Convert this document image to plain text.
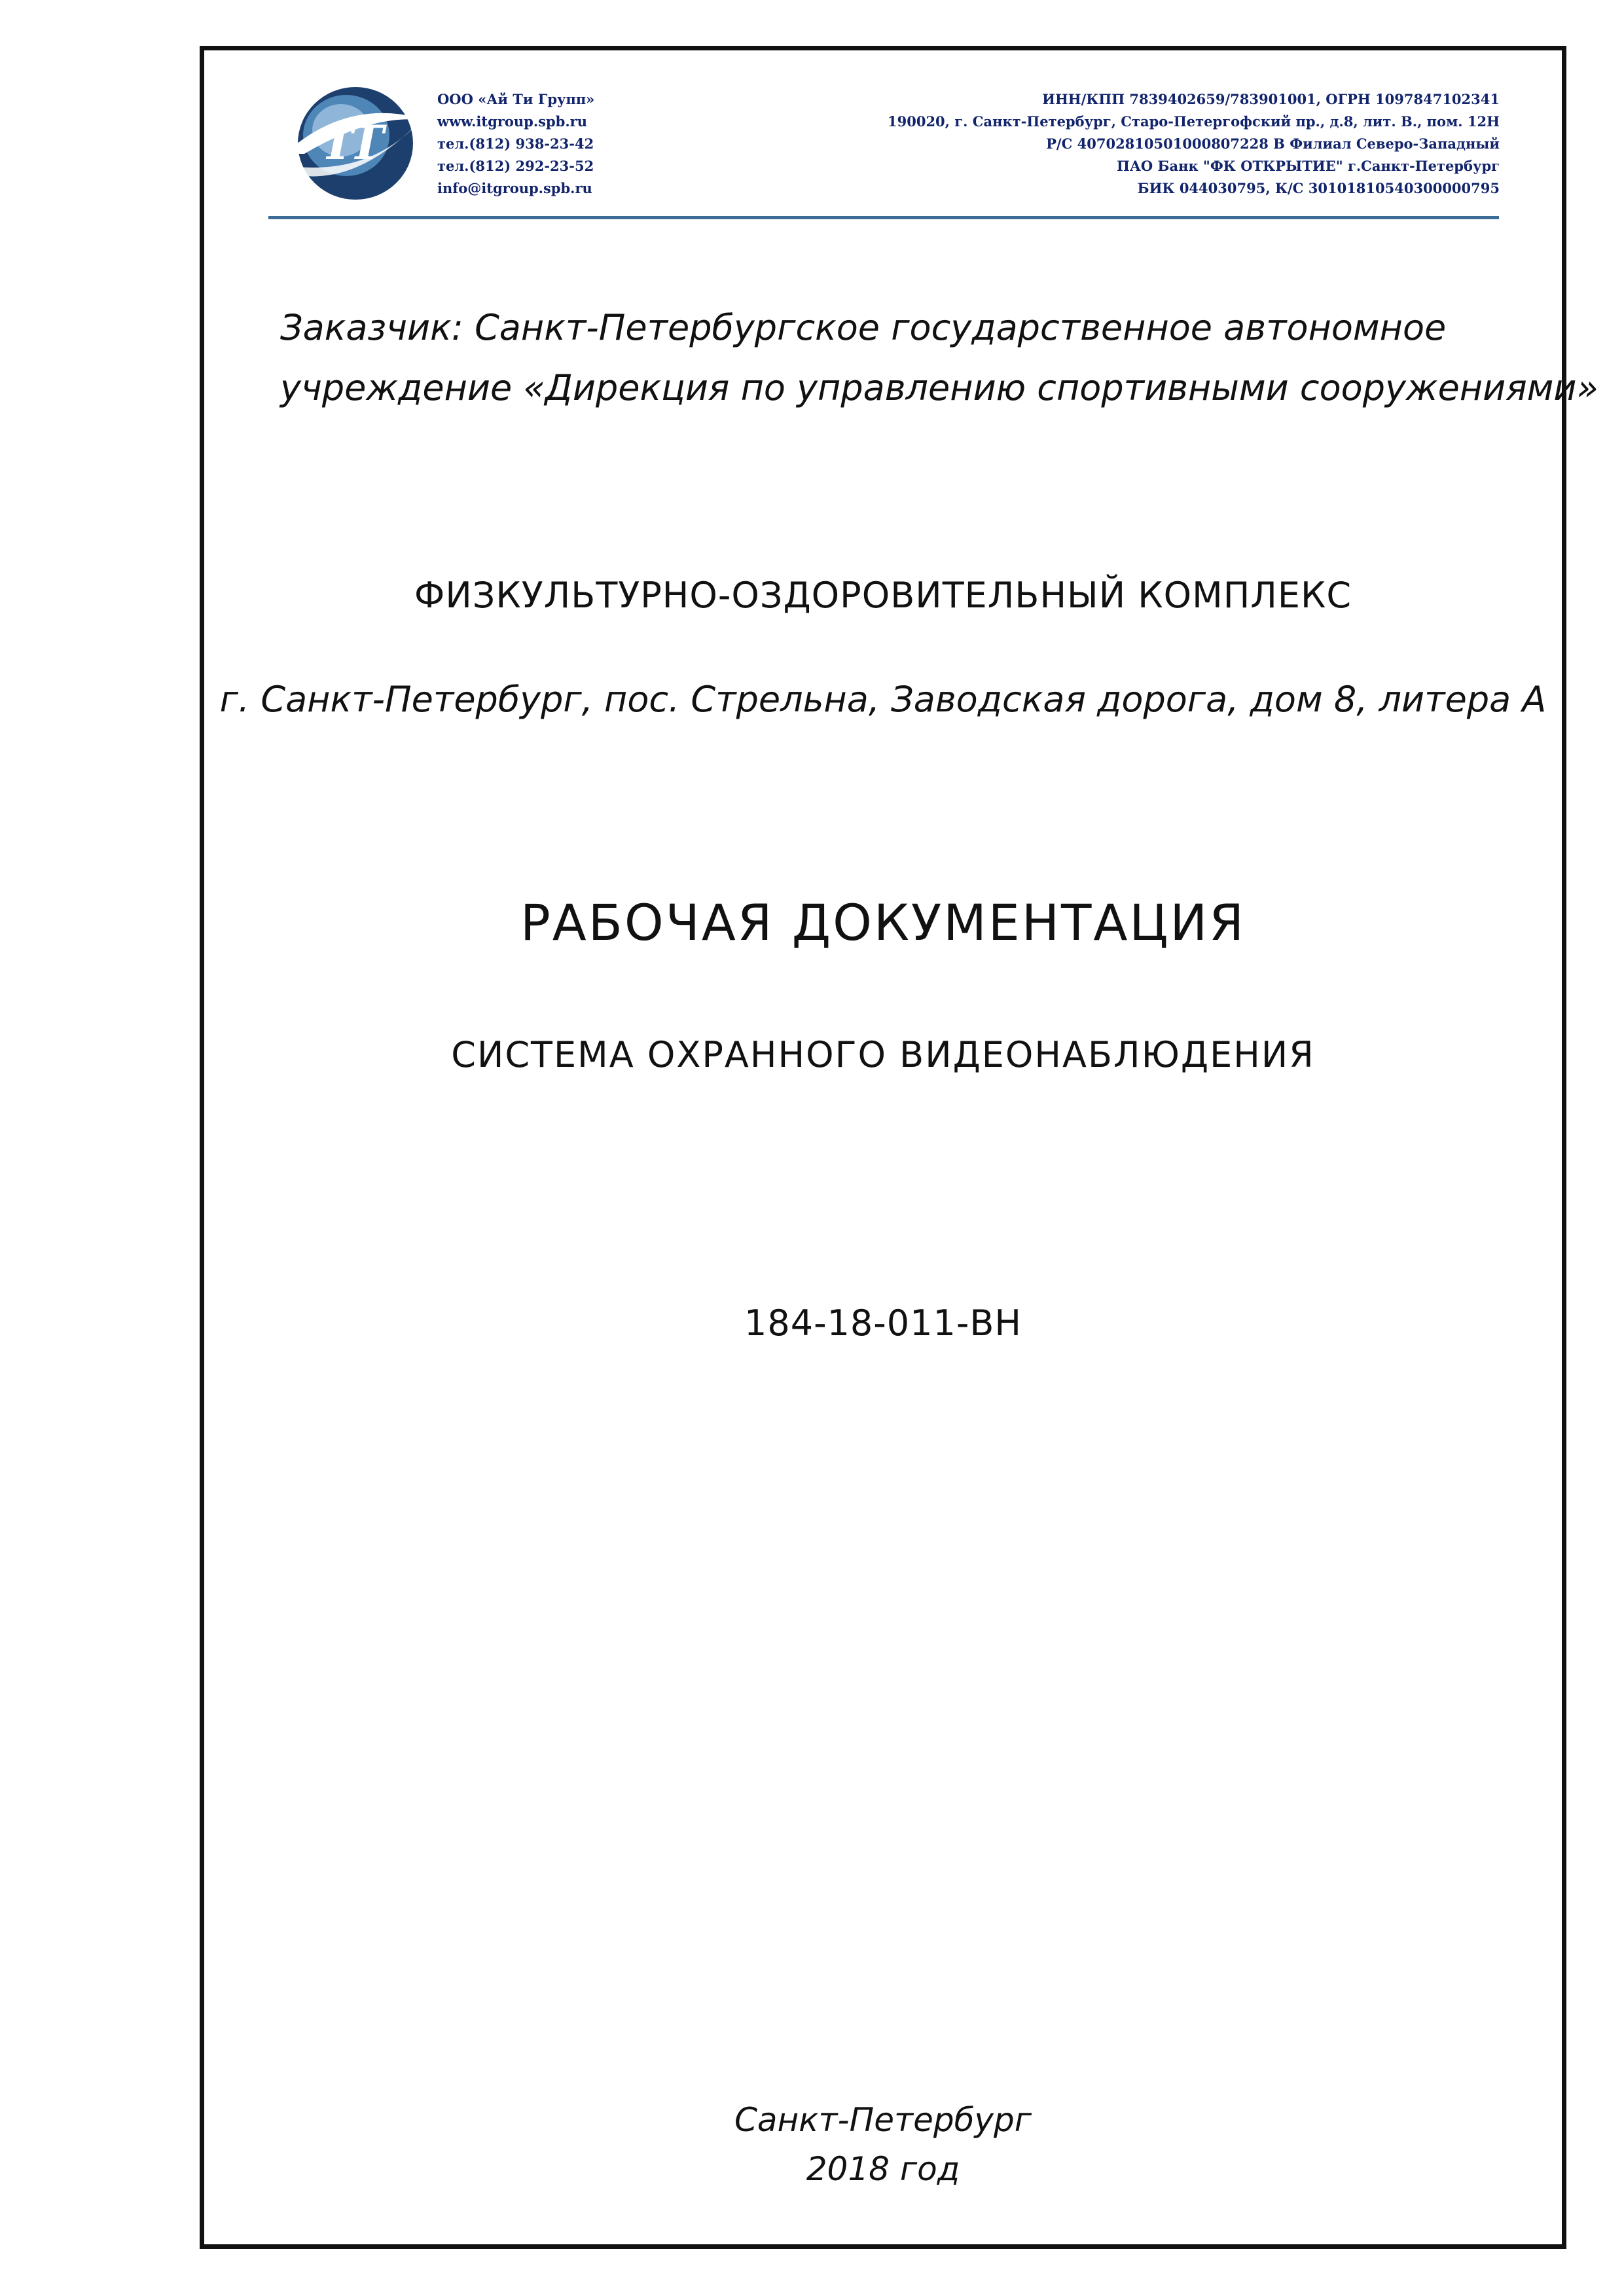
IT
ООО «Ай Ти Групп»
www.itgroup.spb.ru
тел.(812) 938-23-42
тел.(812) 292-23-52
info@itgroup.spb.ru
ИНН/КПП 7839402659/783901001, ОГРН 1097847102341
190020, г. Санкт-Петербург, Старо-Петергофский пр., д.8, лит. В., пом. 12Н
Р/С 40702810501000807228 В Филиал Северо-Западный
ПАО Банк "ФК ОТКРЫТИЕ" г.Санкт-Петербург
БИК 044030795, К/С 30101810540300000795
Заказчик: Санкт-Петербургское государственное автономное
учреждение «Дирекция по управлению спортивными сооружениями»
ФИЗКУЛЬТУРНО-ОЗДОРОВИТЕЛЬНЫЙ КОМПЛЕКС
г. Санкт-Петербург, пос. Стрельна, Заводская дорога, дом 8, литера А
РАБОЧАЯ ДОКУМЕНТАЦИЯ
СИСТЕМА ОХРАННОГО ВИДЕОНАБЛЮДЕНИЯ
184-18-011-ВН
Санкт-Петербург
2018 год
